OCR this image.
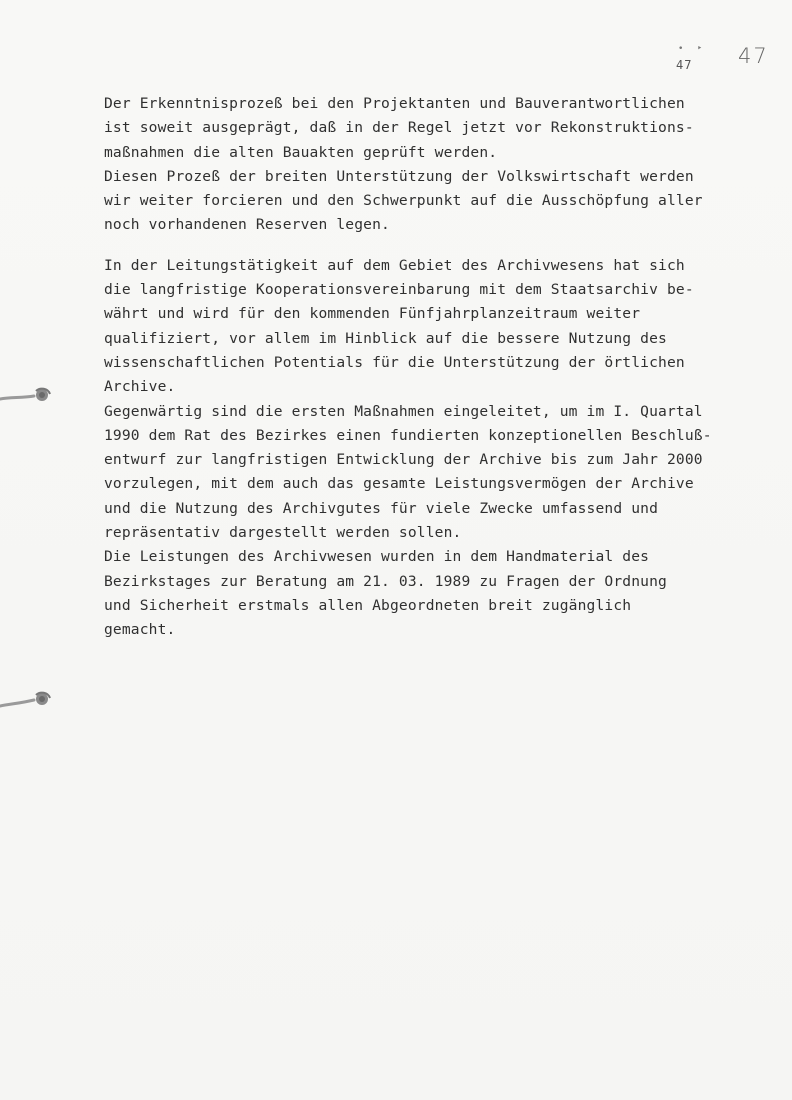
• ‣
47 47
Der Erkenntnisprozeß bei den Projektanten und Bauverantwortlichen
ist soweit ausgeprägt, daß in der Regel jetzt vor Rekonstruktions-
maßnahmen die alten Bauakten geprüft werden.
Diesen Prozeß der breiten Unterstützung der Volkswirtschaft werden
wir weiter forcieren und den Schwerpunkt auf die Ausschöpfung aller
noch vorhandenen Reserven legen.
In der Leitungstätigkeit auf dem Gebiet des Archivwesens hat sich
die langfristige Kooperationsvereinbarung mit dem Staatsarchiv be-
währt und wird für den kommenden Fünfjahrplanzeitraum weiter
qualifiziert, vor allem im Hinblick auf die bessere Nutzung des
wissenschaftlichen Potentials für die Unterstützung der örtlichen
Archive.
Gegenwärtig sind die ersten Maßnahmen eingeleitet, um im I. Quartal
1990 dem Rat des Bezirkes einen fundierten konzeptionellen Beschluß-
entwurf zur langfristigen Entwicklung der Archive bis zum Jahr 2000
vorzulegen, mit dem auch das gesamte Leistungsvermögen der Archive
und die Nutzung des Archivgutes für viele Zwecke umfassend und
repräsentativ dargestellt werden sollen.
Die Leistungen des Archivwesen wurden in dem Handmaterial des
Bezirkstages zur Beratung am 21. 03. 1989 zu Fragen der Ordnung
und Sicherheit erstmals allen Abgeordneten breit zugänglich
gemacht.
